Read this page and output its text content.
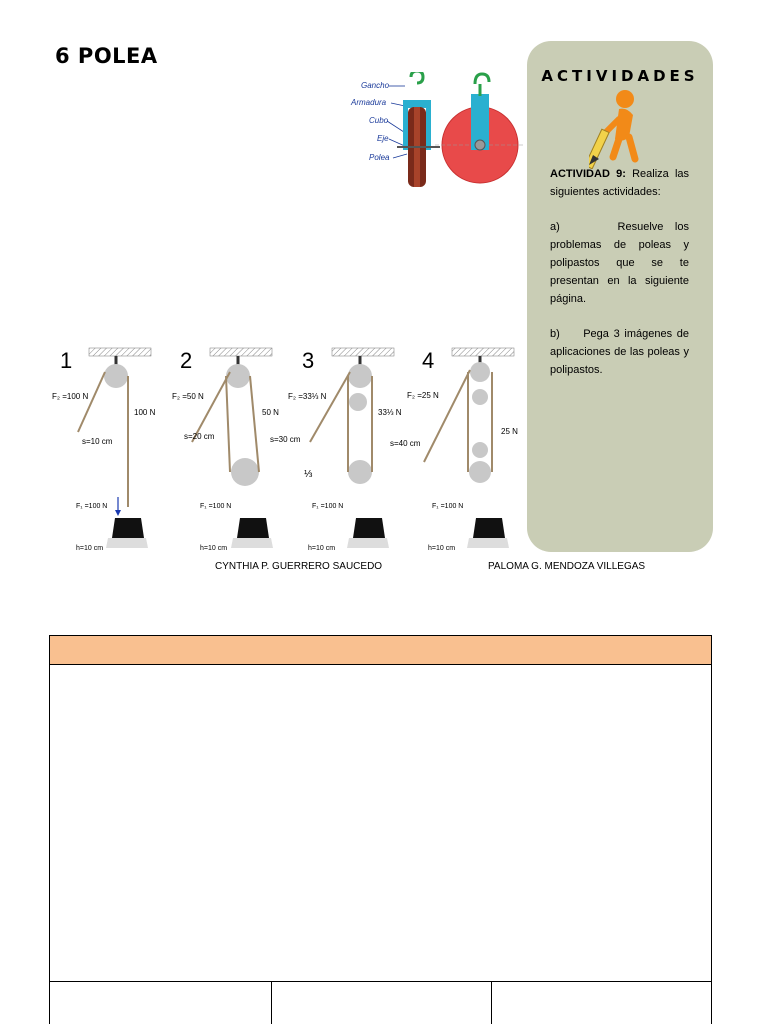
6 POLEA
Gancho
Armadura
Cubo
Eje
Polea
ACTIVIDADES

ACTIVIDAD 9: Realiza las siguientes actividades:

a)     Resuelve los problemas de poleas y polipastos que se te presentan en la siguiente página.

b)     Pega 3 imágenes de aplicaciones de las poleas y polipastos.

1
F₂ =100 N
100 N
s=10 cm
F₁ =100 N
h=10 cm
2
F₂ =50 N
50 N
s=20 cm
F₁ =100 N
h=10 cm
3
F₂ =33⅓ N
33⅓ N
s=30 cm
⅓
F₁ =100 N
h=10 cm
4
F₂ =25 N
25 N
s=40 cm
F₁ =100 N
h=10 cm
CYNTHIA P. GUERRERO SAUCEDO	PALOMA G. MENDOZA VILLEGAS
